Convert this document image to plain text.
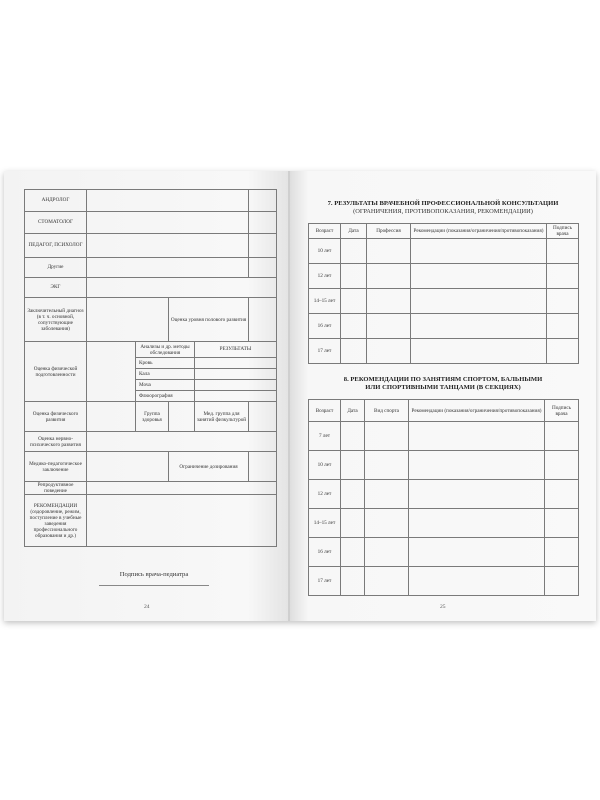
АНДРОЛОГ					
СТОМАТОЛОГ					
ПЕДАГОГ, ПСИХОЛОГ					
Другие					
ЭКГ					
Заключительный диагноз (в т. ч. основной, сопутствующие заболевания)			Оценка уровня полового развития		
Оценка физической подготовленности		Анализы и др. методы обследования		РЕЗУЛЬТАТЫ	
		Кровь			
		Кала			
		Моча			
		Флюорография			
Оценка физического развития		Группа здоровья		Мед. группа для занятий физкультурой	
Оценка нервно-психического развития					
Медико-педагогическое заключение			Ограничение дозирования		
Репродуктивное поведение					
РЕКОМЕНДАЦИИ (оздоровление, режим, поступление в учебные заведения профессионального образования и др.)					
Подпись врача-педиатра
24
7. РЕЗУЛЬТАТЫ ВРАЧЕБНОЙ ПРОФЕССИОНАЛЬНОЙ КОНСУЛЬТАЦИИ
(ОГРАНИЧЕНИЯ, ПРОТИВОПОКАЗАНИЯ, РЕКОМЕНДАЦИИ)
Возраст	Дата	Профессия	Рекомендации (показания/ограничения/противопоказания)	Подпись врача
10 лет				
12 лет				
14–15 лет				
16 лет				
17 лет				
8. РЕКОМЕНДАЦИИ ПО ЗАНЯТИЯМ СПОРТОМ, БАЛЬНЫМИ
ИЛИ СПОРТИВНЫМИ ТАНЦАМИ (В СЕКЦИЯХ)
Возраст	Дата	Вид спорта	Рекомендации (показания/ограничения/противопоказания)	Подпись врача
7 лет				
10 лет				
12 лет				
14–15 лет				
16 лет				
17 лет				
25
